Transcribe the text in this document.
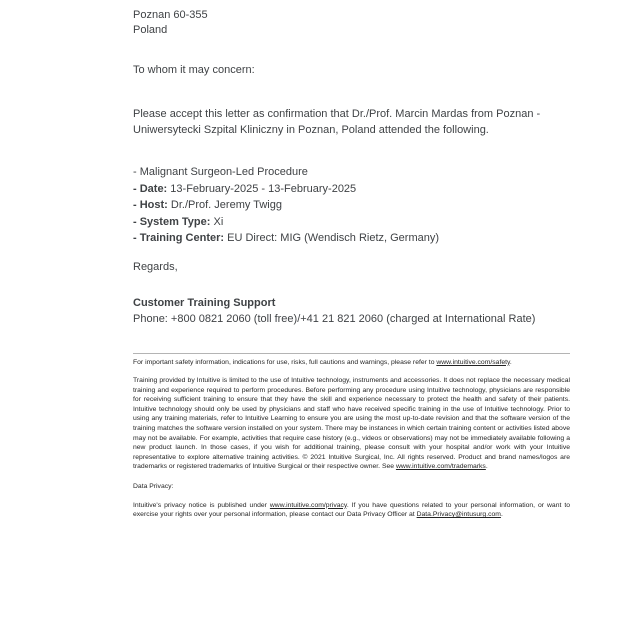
Poznan 60-355
Poland
To whom it may concern:

Please accept this letter as confirmation that Dr./Prof. Marcin Mardas from Poznan - Uniwersytecki Szpital Kliniczny in Poznan, Poland attended the following.

- Malignant Surgeon-Led Procedure
- Date: 13-February-2025 - 13-February-2025
- Host: Dr./Prof. Jeremy Twigg
- System Type: Xi
- Training Center: EU Direct: MIG (Wendisch Rietz, Germany)
Regards,
Customer Training Support
Phone: +800 0821 2060 (toll free)/+41 21 821 2060 (charged at International Rate)

For important safety information, indications for use, risks, full cautions and warnings, please refer to www.intuitive.com/safety.

Training provided by Intuitive is limited to the use of Intuitive technology, instruments and accessories. It does not replace the necessary medical training and experience required to perform procedures. Before performing any procedure using Intuitive technology, physicians are responsible for receiving sufficient training to ensure that they have the skill and experience necessary to protect the health and safety of their patients. Intuitive technology should only be used by physicians and staff who have received specific training in the use of Intuitive technology. Prior to using any training materials, refer to Intuitive Learning to ensure you are using the most up-to-date revision and that the software version of the training matches the software version installed on your system. There may be instances in which certain training content or activities listed above may not be available. For example, activities that require case history (e.g., videos or observations) may not be immediately available following a new product launch. In those cases, if you wish for additional training, please consult with your hospital and/or work with your Intuitive representative to explore alternative training activities. © 2021 Intuitive Surgical, Inc. All rights reserved. Product and brand names/logos are trademarks or registered trademarks of Intuitive Surgical or their respective owner. See www.intuitive.com/trademarks.

Data Privacy:

Intuitive's privacy notice is published under www.intuitive.com/privacy. If you have questions related to your personal information, or want to exercise your rights over your personal information, please contact our Data Privacy Officer at Data.Privacy@intusurg.com.
